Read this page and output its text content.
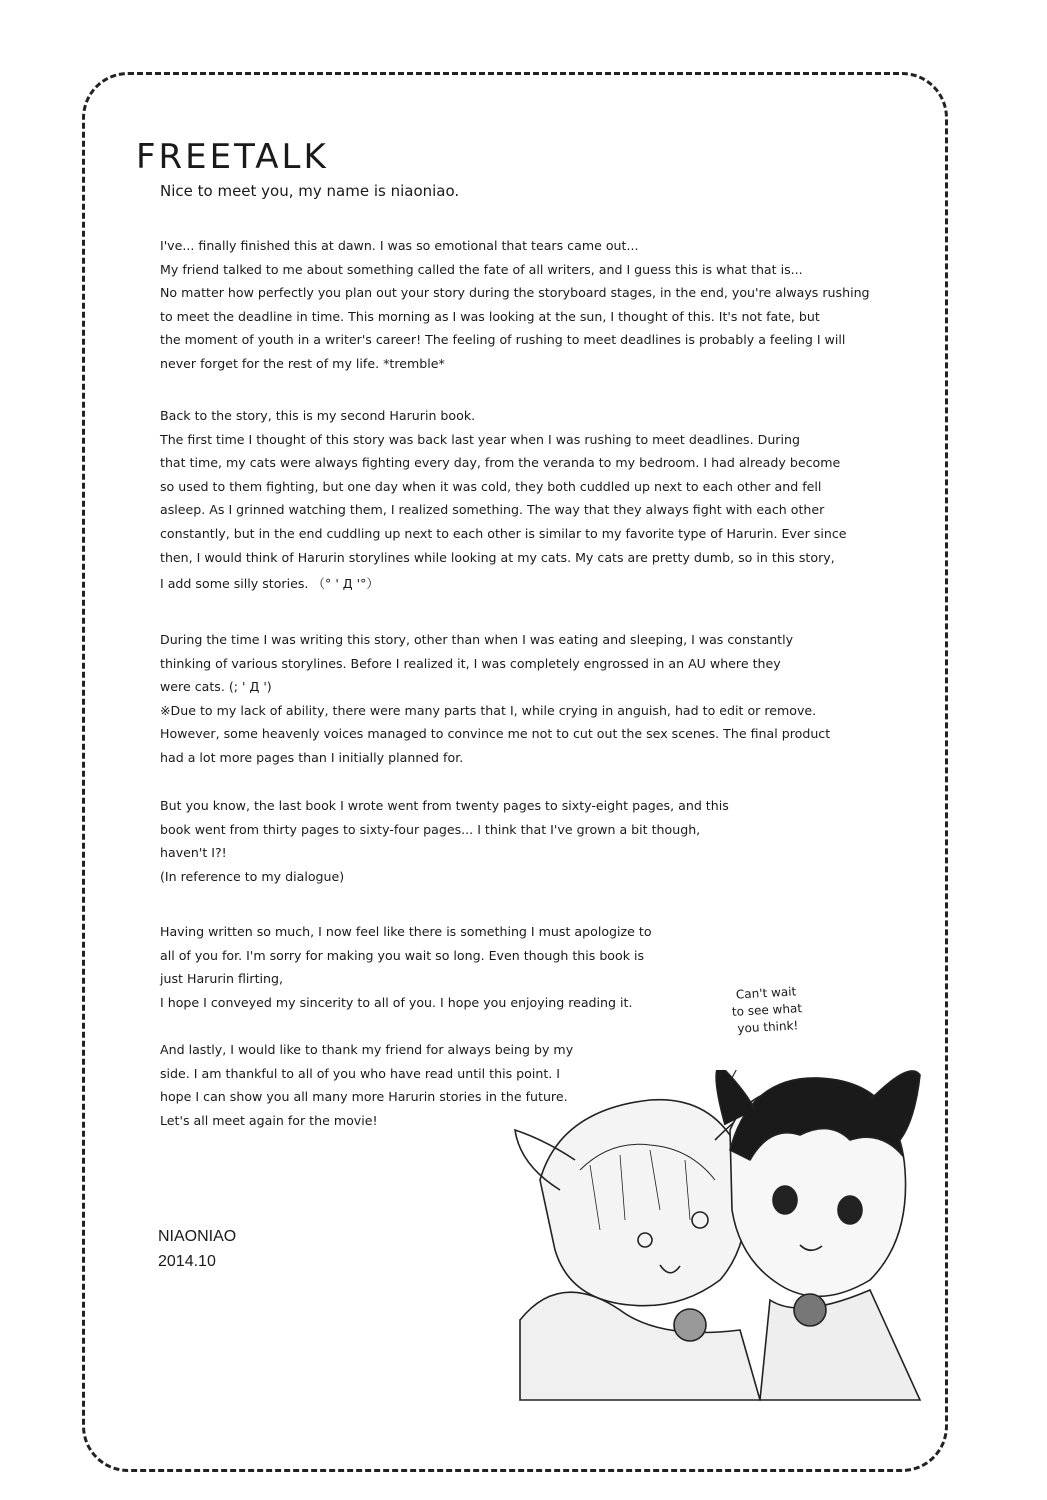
FREETALK
Nice to meet you, my name is niaoniao.
I've... finally finished this at dawn. I was so emotional that tears came out...
My friend talked to me about something called the fate of all writers, and I guess this is what that is...
No matter how perfectly you plan out your story during the storyboard stages, in the end, you're always rushing
to meet the deadline in time. This morning as I was looking at the sun, I thought of this. It's not fate, but
the moment of youth in a writer's career! The feeling of rushing to meet deadlines is probably a feeling I will
never forget for the rest of my life. *tremble*
Back to the story, this is my second Harurin book.
The first time I thought of this story was back last year when I was rushing to meet deadlines. During
that time, my cats were always fighting every day, from the veranda to my bedroom. I had already become
so used to them fighting, but one day when it was cold, they both cuddled up next to each other and fell
asleep. As I grinned watching them, I realized something. The way that they always fight with each other
constantly, but in the end cuddling up next to each other is similar to my favorite type of Harurin. Ever since
then, I would think of Harurin storylines while looking at my cats. My cats are pretty dumb, so in this story,
I add some silly stories. （° ' Д '°）
During the time I was writing this story, other than when I was eating and sleeping, I was constantly
thinking of various storylines. Before I realized it, I was completely engrossed in an AU where they
were cats. (; ' Д ')
※Due to my lack of ability, there were many parts that I, while crying in anguish, had to edit or remove.
However, some heavenly voices managed to convince me not to cut out the sex scenes. The final product
had a lot more pages than I initially planned for.
But you know, the last book I wrote went from twenty pages to sixty-eight pages, and this
book went from thirty pages to sixty-four pages... I think that I've grown a bit though,
haven't I?!
(In reference to my dialogue)
Having written so much, I now feel like there is something I must apologize to
all of you for. I'm sorry for making you wait so long. Even though this book is
just Harurin flirting,
I hope I conveyed my sincerity to all of you. I hope you enjoying reading it.
And lastly, I would like to thank my friend for always being by my
side. I am thankful to all of you who have read until this point. I
hope I can show you all many more Harurin stories in the future.
Let's all meet again for the movie!
NIAONIAO
2014.10
Can't wait
to see what
you think!
